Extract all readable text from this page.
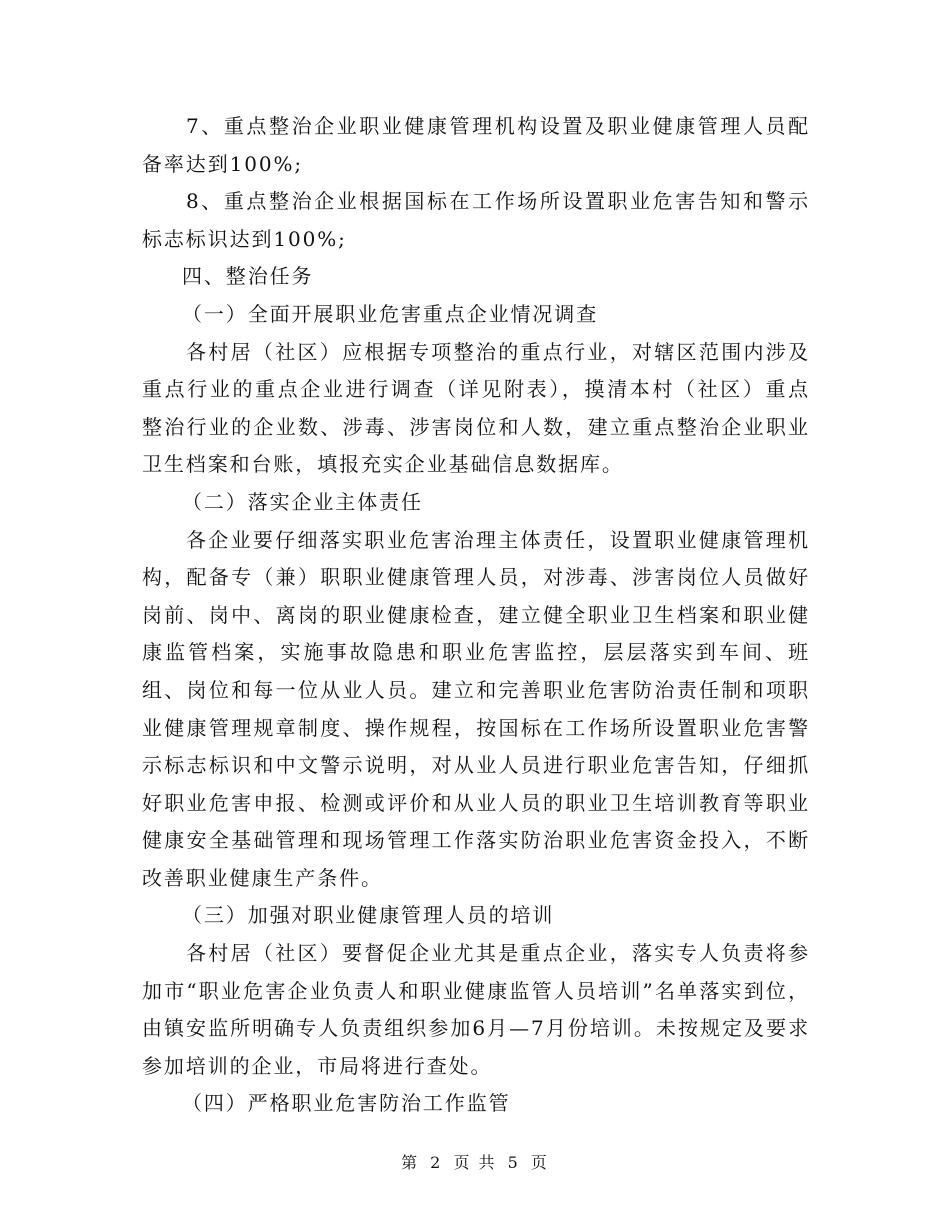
7、重点整治企业职业健康管理机构设置及职业健康管理人员配备率达到100%;

8、重点整治企业根据国标在工作场所设置职业危害告知和警示标志标识达到100%;

四、整治任务

（一）全面开展职业危害重点企业情况调查

各村居（社区）应根据专项整治的重点行业，对辖区范围内涉及重点行业的重点企业进行调查（详见附表），摸清本村（社区）重点整治行业的企业数、涉毒、涉害岗位和人数，建立重点整治企业职业卫生档案和台账，填报充实企业基础信息数据库。

（二）落实企业主体责任

各企业要仔细落实职业危害治理主体责任，设置职业健康管理机构，配备专（兼）职职业健康管理人员，对涉毒、涉害岗位人员做好岗前、岗中、离岗的职业健康检查，建立健全职业卫生档案和职业健康监管档案，实施事故隐患和职业危害监控，层层落实到车间、班组、岗位和每一位从业人员。建立和完善职业危害防治责任制和项职业健康管理规章制度、操作规程，按国标在工作场所设置职业危害警示标志标识和中文警示说明，对从业人员进行职业危害告知，仔细抓好职业危害申报、检测或评价和从业人员的职业卫生培训教育等职业健康安全基础管理和现场管理工作落实防治职业危害资金投入，不断改善职业健康生产条件。

（三）加强对职业健康管理人员的培训

各村居（社区）要督促企业尤其是重点企业，落实专人负责将参加市“职业危害企业负责人和职业健康监管人员培训”名单落实到位，由镇安监所明确专人负责组织参加6月—7月份培训。未按规定及要求参加培训的企业，市局将进行查处。

（四）严格职业危害防治工作监管

第 2 页 共 5 页
